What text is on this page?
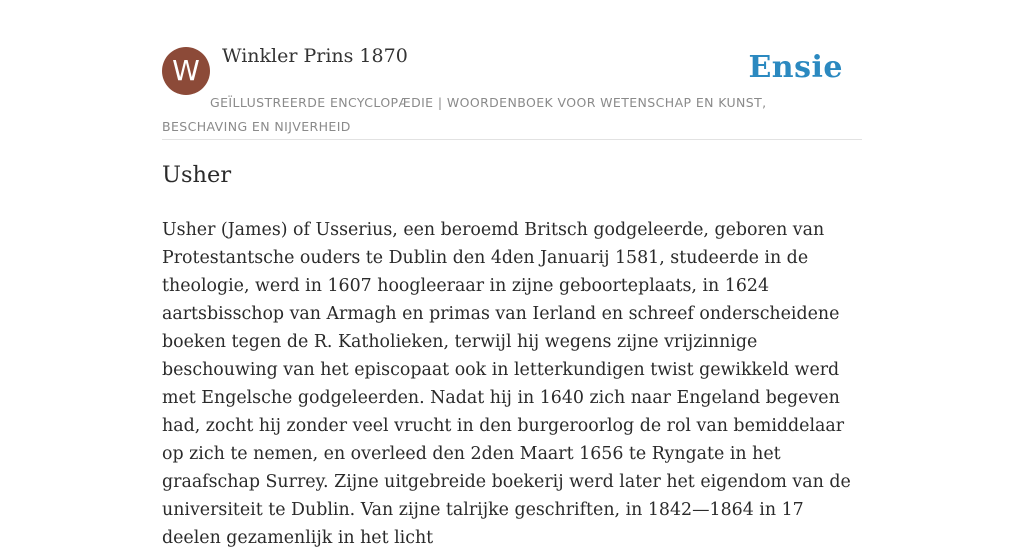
W	Winkler Prins 1870
GEÏLLUSTREERDE ENCYCLOPÆDIE | WOORDENBOEK VOOR WETENSCHAP EN KUNST, BESCHAVING EN NIJVERHEID
Ensie
Usher

Usher (James) of Usserius, een beroemd Britsch godgeleerde, geboren van Protestantsche ouders te Dublin den 4den Januarij 1581, studeerde in de theologie, werd in 1607 hoogleeraar in zijne geboorteplaats, in 1624 aartsbisschop van Armagh en primas van Ierland en schreef onderscheidene boeken tegen de R. Katholieken, terwijl hij wegens zijne vrijzinnige beschouwing van het episcopaat ook in letterkundigen twist gewikkeld werd met Engelsche godgeleerden. Nadat hij in 1640 zich naar Engeland begeven had, zocht hij zonder veel vrucht in den burgeroorlog de rol van bemiddelaar op zich te nemen, en overleed den 2den Maart 1656 te Ryngate in het graafschap Surrey. Zijne uitgebreide boekerij werd later het eigendom van de universiteit te Dublin. Van zijne talrijke geschriften, in 1842—1864 in 17 deelen gezamenlijk in het licht
